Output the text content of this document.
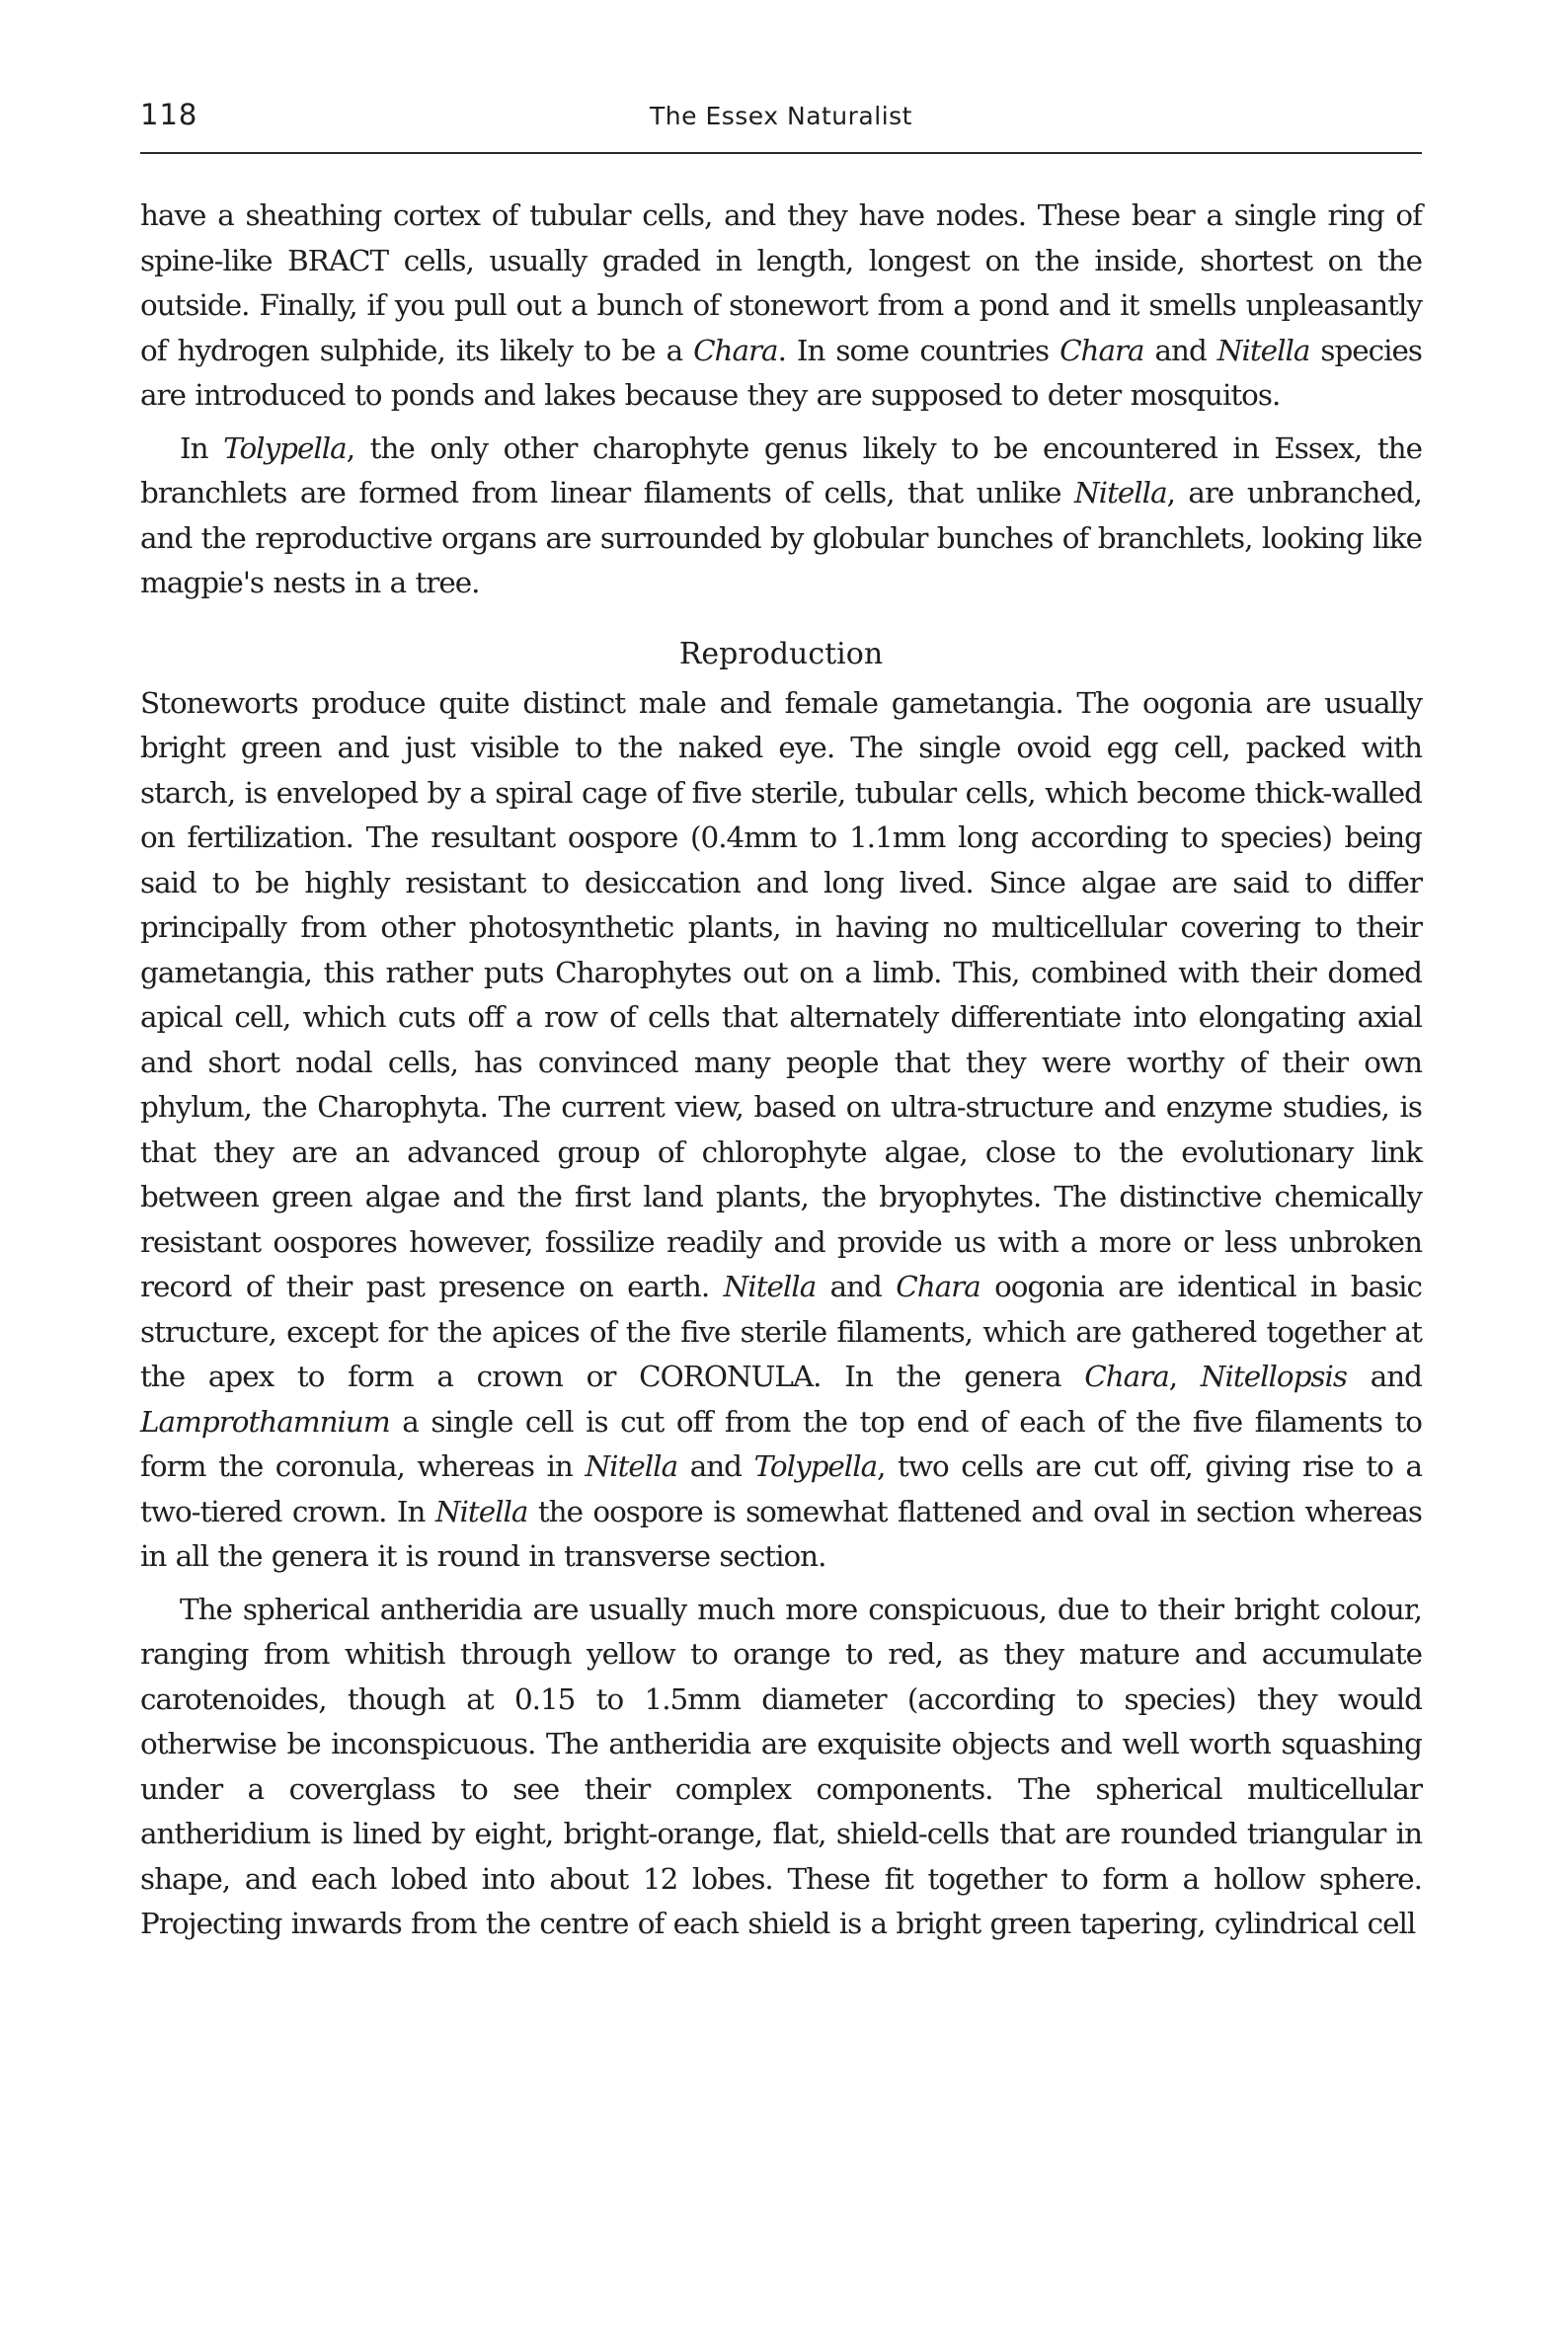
118	The Essex Naturalist

have a sheathing cortex of tubular cells, and they have nodes. These bear a single ring of spine-like BRACT cells, usually graded in length, longest on the inside, shortest on the outside. Finally, if you pull out a bunch of stonewort from a pond and it smells unpleasantly of hydrogen sulphide, its likely to be a Chara. In some countries Chara and Nitella species are introduced to ponds and lakes because they are supposed to deter mosquitos.

In Tolypella, the only other charophyte genus likely to be encountered in Essex, the branchlets are formed from linear filaments of cells, that unlike Nitella, are unbranched, and the reproductive organs are surrounded by globular bunches of branchlets, looking like magpie's nests in a tree.

Reproduction

Stoneworts produce quite distinct male and female gametangia. The oogonia are usually bright green and just visible to the naked eye. The single ovoid egg cell, packed with starch, is enveloped by a spiral cage of five sterile, tubular cells, which become thick-walled on fertilization. The resultant oospore (0.4mm to 1.1mm long according to species) being said to be highly resistant to desiccation and long lived. Since algae are said to differ principally from other photosynthetic plants, in having no multicellular covering to their gametangia, this rather puts Charophytes out on a limb. This, combined with their domed apical cell, which cuts off a row of cells that alternately differentiate into elongating axial and short nodal cells, has convinced many people that they were worthy of their own phylum, the Charophyta. The current view, based on ultra-structure and enzyme studies, is that they are an advanced group of chlorophyte algae, close to the evolutionary link between green algae and the first land plants, the bryophytes. The distinctive chemically resistant oospores however, fossilize readily and provide us with a more or less unbroken record of their past presence on earth. Nitella and Chara oogonia are identical in basic structure, except for the apices of the five sterile filaments, which are gathered together at the apex to form a crown or CORONULA. In the genera Chara, Nitellopsis and Lamprothamnium a single cell is cut off from the top end of each of the five filaments to form the coronula, whereas in Nitella and Tolypella, two cells are cut off, giving rise to a two-tiered crown. In Nitella the oospore is somewhat flattened and oval in section whereas in all the genera it is round in transverse section.

The spherical antheridia are usually much more conspicuous, due to their bright colour, ranging from whitish through yellow to orange to red, as they mature and accumulate carotenoides, though at 0.15 to 1.5mm diameter (according to species) they would otherwise be inconspicuous. The antheridia are exquisite objects and well worth squashing under a coverglass to see their complex components. The spherical multicellular antheridium is lined by eight, bright-orange, flat, shield-cells that are rounded triangular in shape, and each lobed into about 12 lobes. These fit together to form a hollow sphere. Projecting inwards from the centre of each shield is a bright green tapering, cylindrical cell
